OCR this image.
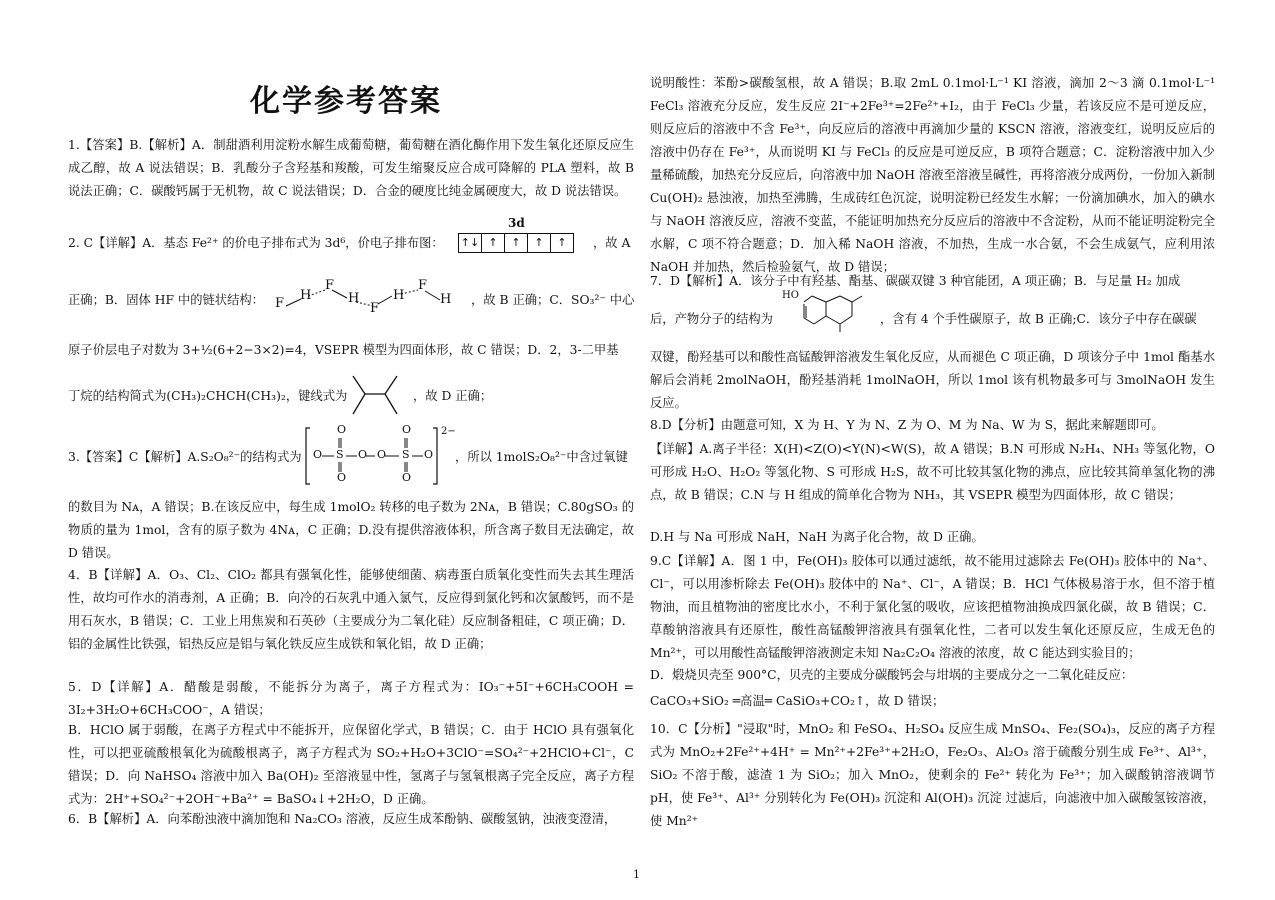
化学参考答案

1.【答案】B.【解析】A．制甜酒利用淀粉水解生成葡萄糖，葡萄糖在酒化酶作用下发生氧化还原反应生成乙醇，故 A 说法错误；B．乳酸分子含羟基和羧酸，可发生缩聚反应合成可降解的 PLA 塑料，故 B 说法正确；C．碳酸钙属于无机物，故 C 说法错误；D．合金的硬度比纯金属硬度大，故 D 说法错误。

2. C【详解】A．基态 Fe²⁺ 的价电子排布式为 3d⁶，价电子排布图：	，故 A

正确；B．固体 HF 中的链状结构：	，故 B 正确；C．SO₃²⁻ 中心

原子价层电子对数为 3+½(6+2−3×2)=4，VSEPR 模型为四面体形，故 C 错误；D．2，3-二甲基

丁烷的结构简式为(CH₃)₂CHCH(CH₃)₂，键线式为	，故 D 正确；

3.【答案】C【解析】A.S₂O₈²⁻的结构式为	，所以 1molS₂O₈²⁻中含过氧键

的数目为 Nᴀ，A 错误；B.在该反应中，每生成 1molO₂ 转移的电子数为 2Nᴀ，B 错误；C.80gSO₃ 的物质的量为 1mol，含有的原子数为 4Nᴀ，C 正确；D.没有提供溶液体积，所含离子数目无法确定，故 D 错误。

4．B【详解】A．O₃、Cl₂、ClO₂ 都具有强氧化性，能够使细菌、病毒蛋白质氧化变性而失去其生理活性，故均可作水的消毒剂，A 正确；B．向冷的石灰乳中通入氯气，反应得到氯化钙和次氯酸钙，而不是用石灰水，B 错误；C．工业上用焦炭和石英砂（主要成分为二氧化硅）反应制备粗硅，C 项正确；D．铝的金属性比铁强，铝热反应是铝与氧化铁反应生成铁和氧化铝，故 D 正确；

5．D【详解】A．醋酸是弱酸，不能拆分为离子，离子方程式为：IO₃⁻+5I⁻+6CH₃COOH = 3I₂+3H₂O+6CH₃COO⁻，A 错误；

B．HClO 属于弱酸，在离子方程式中不能拆开，应保留化学式，B 错误；C．由于 HClO 具有强氧化性，可以把亚硫酸根氧化为硫酸根离子，离子方程式为 SO₂+H₂O+3ClO⁻=SO₄²⁻+2HClO+Cl⁻，C 错误；D．向 NaHSO₄ 溶液中加入 Ba(OH)₂ 至溶液显中性，氢离子与氢氧根离子完全反应，离子方程式为：2H⁺+SO₄²⁻+2OH⁻+Ba²⁺ = BaSO₄↓+2H₂O，D 正确。

6．B【解析】A．向苯酚浊液中滴加饱和 Na₂CO₃ 溶液，反应生成苯酚钠、碳酸氢钠，浊液变澄清，

3d
↑↓ ↑	↑	↑	↑
F
H
F
H
F
H
F
H
O
O
O
O
O S O O S O
2−

说明酸性：苯酚>碳酸氢根，故 A 错误；B.取 2mL 0.1mol·L⁻¹ KI 溶液，滴加 2～3 滴 0.1mol·L⁻¹ FeCl₃ 溶液充分反应，发生反应 2I⁻+2Fe³⁺=2Fe²⁺+I₂，由于 FeCl₃ 少量，若该反应不是可逆反应，则反应后的溶液中不含 Fe³⁺，向反应后的溶液中再滴加少量的 KSCN 溶液，溶液变红，说明反应后的溶液中仍存在 Fe³⁺，从而说明 KI 与 FeCl₃ 的反应是可逆反应，B 项符合题意；C．淀粉溶液中加入少量稀硫酸，加热充分反应后，向溶液中加 NaOH 溶液至溶液呈碱性，再将溶液分成两份，一份加入新制 Cu(OH)₂ 悬浊液，加热至沸腾，生成砖红色沉淀，说明淀粉已经发生水解；一份滴加碘水，加入的碘水与 NaOH 溶液反应，溶液不变蓝，不能证明加热充分反应后的溶液中不含淀粉，从而不能证明淀粉完全水解，C 项不符合题意；D．加入稀 NaOH 溶液，不加热，生成一水合氨，不会生成氨气，应利用浓 NaOH 并加热，然后检验氨气，故 D 错误；

7．D【解析】A．该分子中有羟基、酯基、碳碳双键 3 种官能团，A 项正确；B．与足量 H₂ 加成

后，产物分子的结构为	，含有 4 个手性碳原子，故 B 正确;C．该分子中存在碳碳

双键，酚羟基可以和酸性高锰酸钾溶液发生氧化反应，从而褪色 C 项正确，D 项该分子中 1mol 酯基水解后会消耗 2molNaOH，酚羟基消耗 1molNaOH，所以 1mol 该有机物最多可与 3molNaOH 发生反应。

8.D【分析】由题意可知，X 为 H、Y 为 N、Z 为 O、M 为 Na、W 为 S，据此来解题即可。

【详解】A.离子半径：X(H)<Z(O)<Y(N)<W(S)，故 A 错误；B.N 可形成 N₂H₄、NH₃ 等氢化物，O 可形成 H₂O、H₂O₂ 等氢化物、S 可形成 H₂S，故不可比较其氢化物的沸点，应比较其简单氢化物的沸点，故 B 错误；C.N 与 H 组成的简单化合物为 NH₃，其 VSEPR 模型为四面体形，故 C 错误；

D.H 与 Na 可形成 NaH，NaH 为离子化合物，故 D 正确。

9.C【详解】A．图 1 中，Fe(OH)₃ 胶体可以通过滤纸，故不能用过滤除去 Fe(OH)₃ 胶体中的 Na⁺、Cl⁻，可以用渗析除去 Fe(OH)₃ 胶体中的 Na⁺、Cl⁻，A 错误；B．HCl 气体极易溶于水，但不溶于植物油，而且植物油的密度比水小，不利于氯化氢的吸收，应该把植物油换成四氯化碳，故 B 错误；C．草酸钠溶液具有还原性，酸性高锰酸钾溶液具有强氧化性，二者可以发生氧化还原反应，生成无色的 Mn²⁺，可以用酸性高锰酸钾溶液测定未知 Na₂C₂O₄ 溶液的浓度，故 C 能达到实验目的；

D．煅烧贝壳至 900°C，贝壳的主要成分碳酸钙会与坩埚的主要成分之一二氧化硅反应：

CaCO₃+SiO₂ ═高温═ CaSiO₃+CO₂↑，故 D 错误；

10．C【分析】"浸取"时，MnO₂ 和 FeSO₄、H₂SO₄ 反应生成 MnSO₄、Fe₂(SO₄)₃，反应的离子方程式为 MnO₂+2Fe²⁺+4H⁺ = Mn²⁺+2Fe³⁺+2H₂O，Fe₂O₃、Al₂O₃ 溶于硫酸分别生成 Fe³⁺、Al³⁺，SiO₂ 不溶于酸，滤渣 1 为 SiO₂；加入 MnO₂，使剩余的 Fe²⁺ 转化为 Fe³⁺；加入碳酸钠溶液调节 pH，使 Fe³⁺、Al³⁺ 分别转化为 Fe(OH)₃ 沉淀和 Al(OH)₃ 沉淀 过滤后，向滤液中加入碳酸氢铵溶液，使 Mn²⁺

HO
1
